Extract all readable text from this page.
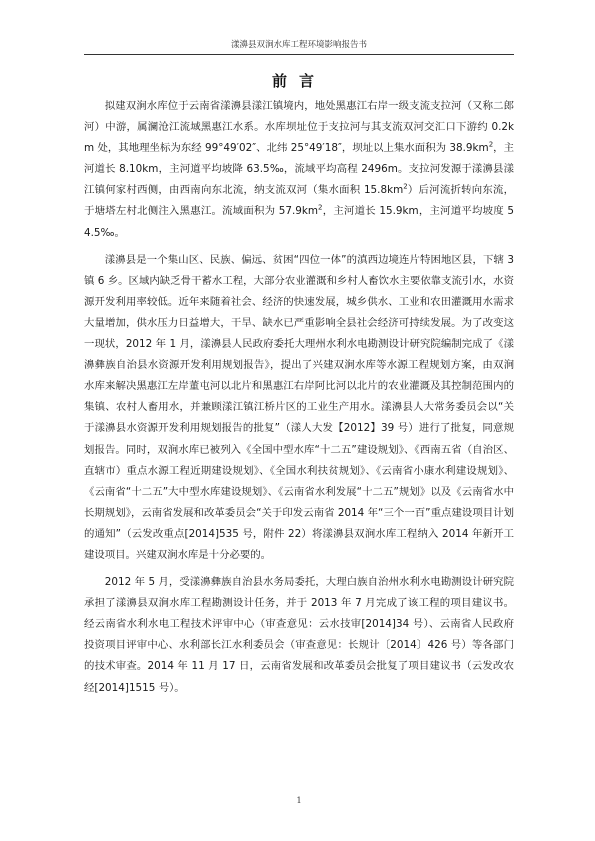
漾濞县双涧水库工程环境影响报告书
前言

拟建双涧水库位于云南省漾濞县漾江镇境内，地处黑惠江右岸一级支流支拉河（又称二郎河）中游，属澜沧江流域黑惠江水系。水库坝址位于支拉河与其支流双河交汇口下游约 0.2km 处，其地理坐标为东经 99°49′02″、北纬 25°49′18″，坝址以上集水面积为 $38.9km^2$，主河道长 8.10km，主河道平均坡降 63.5‰，流域平均高程 2496m。支拉河发源于漾濞县漾江镇何家村西侧，由西南向东北流，纳支流双河（集水面积 $15.8km^2$）后河流折转向东流，于塘塔左村北侧注入黑惠江。流域面积为 $57.9km^2$，主河道长 15.9km，主河道平均坡度 54.5‰。

漾濞县是一个集山区、民族、偏远、贫困“四位一体”的滇西边境连片特困地区县，下辖 3 镇 6 乡。区域内缺乏骨干蓄水工程，大部分农业灌溉和乡村人畜饮水主要依靠支流引水，水资源开发利用率较低。近年来随着社会、经济的快速发展，城乡供水、工业和农田灌溉用水需求大量增加，供水压力日益增大，干旱、缺水已严重影响全县社会经济可持续发展。为了改变这一现状，2012 年 1 月，漾濞县人民政府委托大理州水利水电勘测设计研究院编制完成了《漾濞彝族自治县水资源开发利用规划报告》，提出了兴建双涧水库等水源工程规划方案，由双涧水库来解决黑惠江左岸董屯河以北片和黑惠江右岸阿比河以北片的农业灌溉及其控制范围内的集镇、农村人畜用水，并兼顾漾江镇江桥片区的工业生产用水。漾濞县人大常务委员会以“关于漾濞县水资源开发利用规划报告的批复”（漾人大发【2012】39 号）进行了批复，同意规划报告。同时，双涧水库已被列入《全国中型水库“十二五”建设规划》、《西南五省（自治区、直辖市）重点水源工程近期建设规划》、《全国水利扶贫规划》、《云南省小康水利建设规划》、《云南省“十二五”大中型水库建设规划》、《云南省水利发展“十二五”规划》以及《云南省水中长期规划》，云南省发展和改革委员会“关于印发云南省 2014 年“三个一百”重点建设项目计划的通知”（云发改重点[2014]535 号，附件 22）将漾濞县双涧水库工程纳入 2014 年新开工建设项目。兴建双涧水库是十分必要的。

2012 年 5 月，受漾濞彝族自治县水务局委托，大理白族自治州水利水电勘测设计研究院承担了漾濞县双涧水库工程勘测设计任务，并于 2013 年 7 月完成了该工程的项目建议书。经云南省水利水电工程技术评审中心（审查意见：云水技审[2014]34 号）、云南省人民政府投资项目评审中心、水利部长江水利委员会（审查意见：长规计〔2014〕426 号）等各部门的技术审查。2014 年 11 月 17 日，云南省发展和改革委员会批复了项目建议书（云发改农经[2014]1515 号）。

1
